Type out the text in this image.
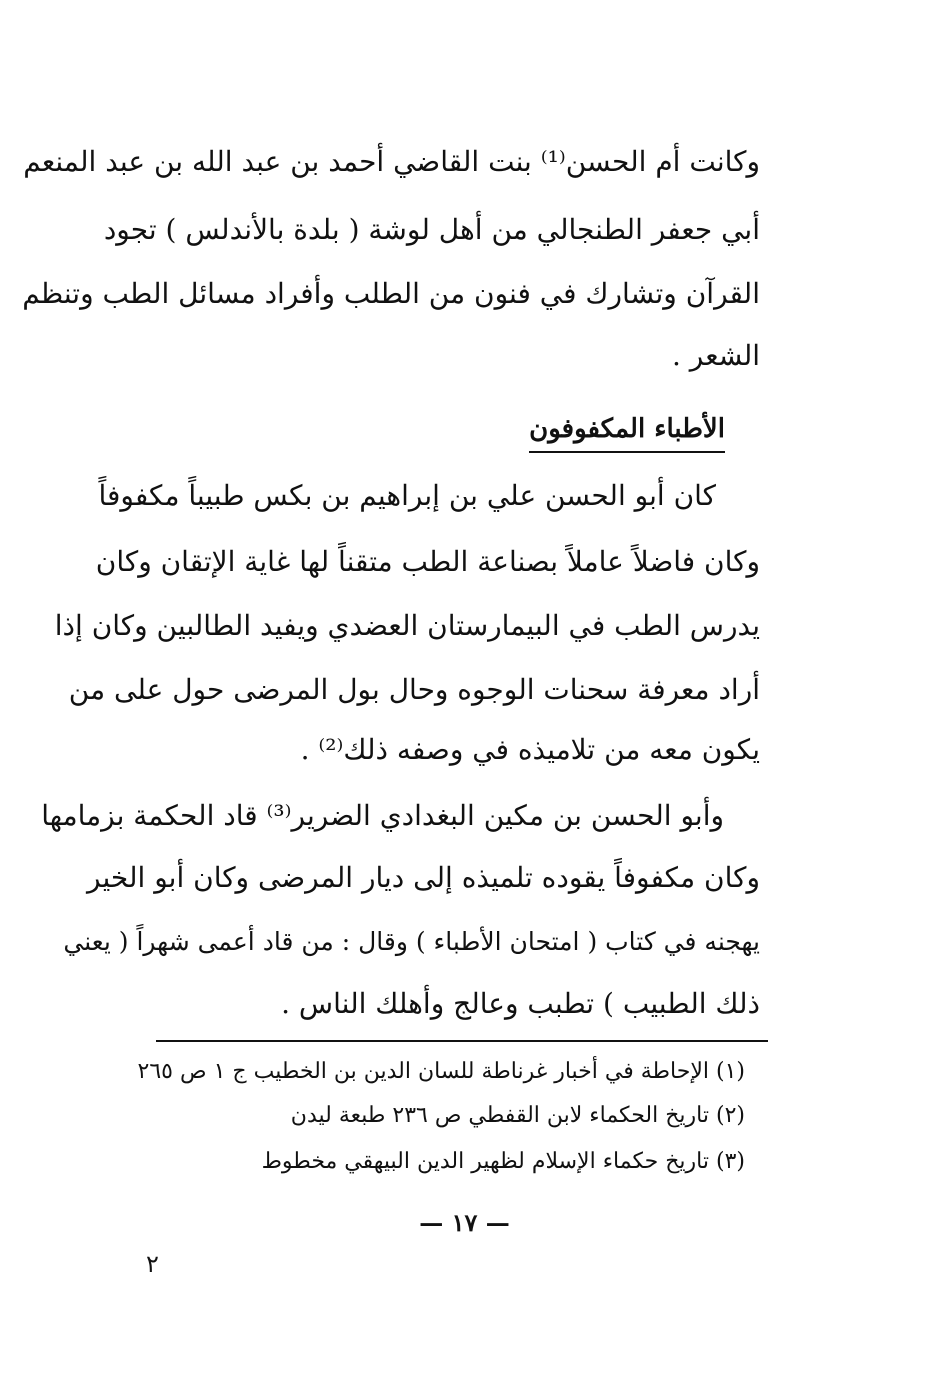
وكانت أم الحسن⁽¹⁾ بنت القاضي أحمد بن عبد الله بن عبد المنعم
أبي جعفر الطنجالي من أهل لوشة ( بلدة بالأندلس ) تجود
القرآن وتشارك في فنون من الطلب وأفراد مسائل الطب وتنظم
الشعر .
الأطباء المكفوفون
كان أبو الحسن علي بن إبراهيم بن بكس طبيباً مكفوفاً
وكان فاضلاً عاملاً بصناعة الطب متقناً لها غاية الإتقان وكان
يدرس الطب في البيمارستان العضدي ويفيد الطالبين وكان إذا
أراد معرفة سحنات الوجوه وحال بول المرضى حول على من
يكون معه من تلاميذه في وصفه ذلك⁽²⁾ .
وأبو الحسن بن مكين البغدادي الضرير⁽³⁾ قاد الحكمة بزمامها
وكان مكفوفاً يقوده تلميذه إلى ديار المرضى وكان أبو الخير
يهجنه في كتاب ( امتحان الأطباء ) وقال : من قاد أعمى شهراً ( يعني
ذلك الطبيب ) تطبب وعالج وأهلك الناس .
(١) الإحاطة في أخبار غرناطة للسان الدين بن الخطيب ج ١ ص ٢٦٥
(٢) تاريخ الحكماء لابن القفطي ص ٢٣٦ طبعة ليدن
(٣) تاريخ حكماء الإسلام لظهير الدين البيهقي مخطوط
— ١٧ —
٢
